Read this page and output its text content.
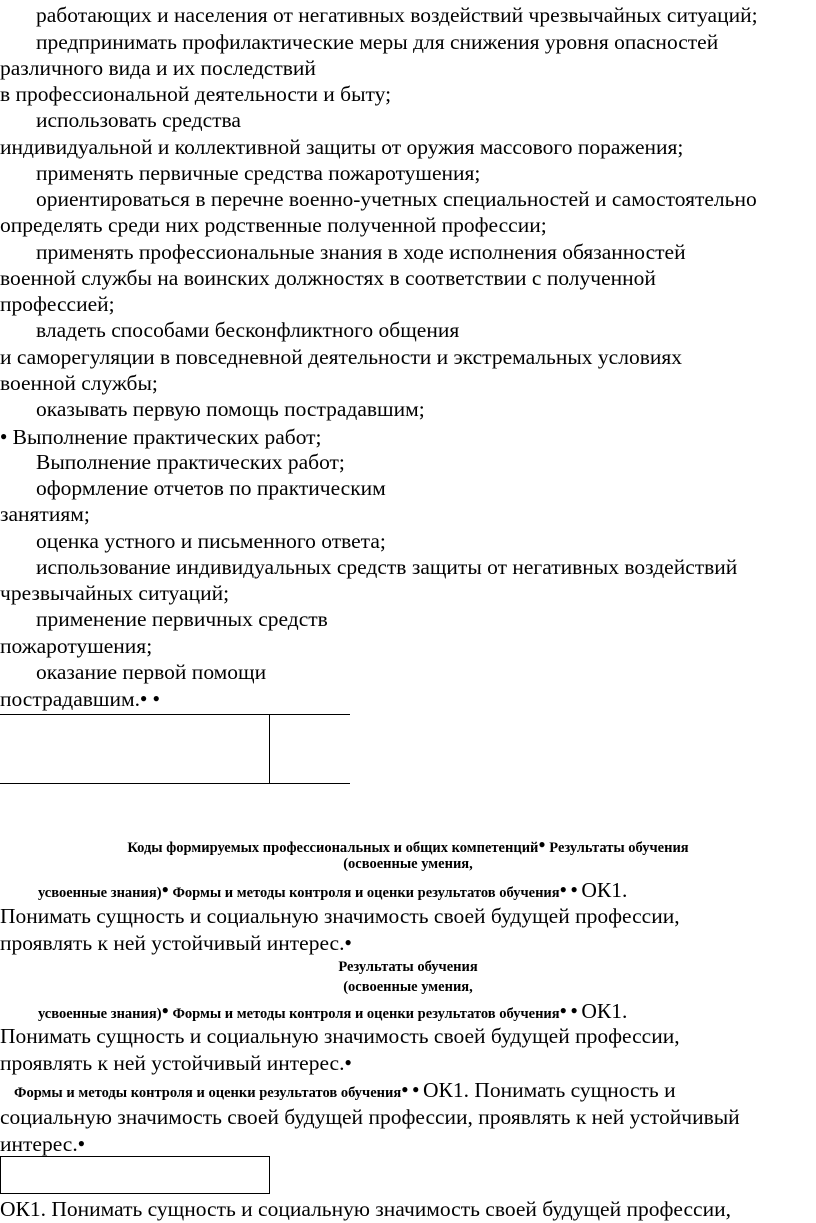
работающих и населения от негативных воздействий чрезвычайных ситуаций;
предпринимать профилактические меры для снижения уровня опасностей
различного вида и их последствий
в профессиональной деятельности и быту;
использовать средства
индивидуальной и коллективной защиты от оружия массового поражения;
применять первичные средства пожаротушения;
ориентироваться в перечне военно-учетных специальностей и самостоятельно
определять среди них родственные полученной профессии;
применять профессиональные знания в ходе исполнения обязанностей
военной службы на воинских должностях в соответствии с полученной
профессией;
владеть способами бесконфликтного общения
и саморегуляции в повседневной деятельности и экстремальных условиях
военной службы;
оказывать первую помощь пострадавшим;
● Выполнение практических работ;
Выполнение практических работ;
оформление отчетов по практическим
занятиям;
оценка устного и письменного ответа;
использование индивидуальных средств защиты от негативных воздействий
чрезвычайных ситуаций;
применение первичных средств
пожаротушения;
оказание первой помощи
пострадавшим.● ●
Коды формируемых профессиональных и общих компетенций● Результаты обучения
(освоенные умения,
усвоенные знания)● Формы и методы контроля и оценки результатов обучения● ● ОК1.
Понимать сущность и социальную значимость своей будущей профессии,
проявлять к ней устойчивый интерес.●
Результаты обучения
(освоенные умения,
усвоенные знания)● Формы и методы контроля и оценки результатов обучения● ● ОК1.
Понимать сущность и социальную значимость своей будущей профессии,
проявлять к ней устойчивый интерес.●
Формы и методы контроля и оценки результатов обучения● ● ОК1. Понимать сущность и
социальную значимость своей будущей профессии, проявлять к ней устойчивый
интерес.●
ОК1. Понимать сущность и социальную значимость своей будущей профессии,
